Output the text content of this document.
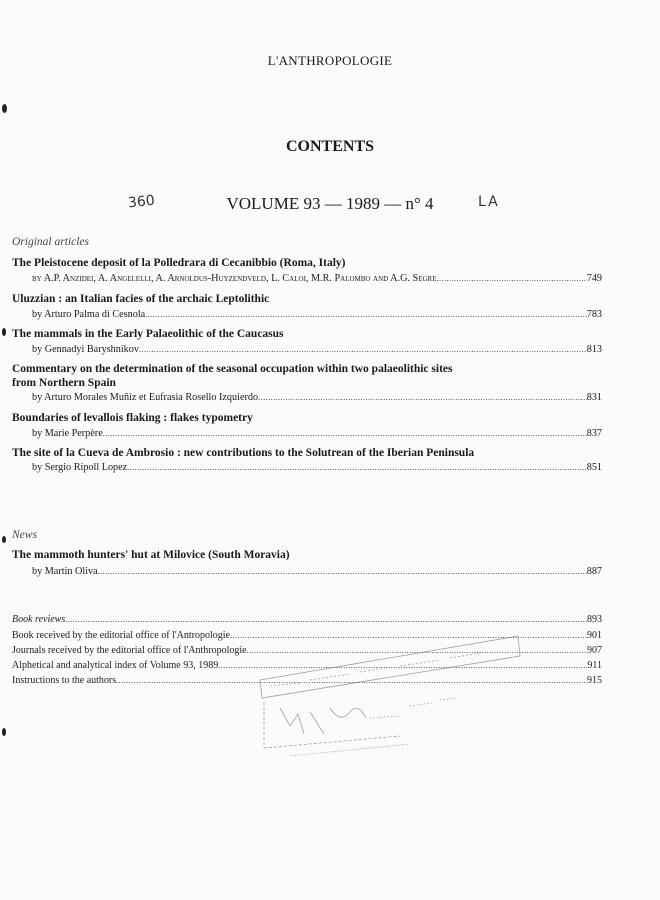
L'ANTHROPOLOGIE
CONTENTS
VOLUME 93 — 1989 — n° 4
360	LA
Original articles
The Pleistocene deposit of la Polledrara di Cecanibbio (Roma, Italy)
by A.P. Anzidei, A. Angelelli, A. Arnoldus-Huyzendveld, L. Caloi, M.R. Palombo and A.G. Segre .....	749
Uluzzian : an Italian facies of the archaic Leptolithic
by Arturo Palma di Cesnola .....	783
The mammals in the Early Palaeolithic of the Caucasus
by Gennadyi Baryshnikov .....	813
Commentary on the determination of the seasonal occupation within two palaeolithic sites
from Northern Spain
by Arturo Morales Muñiz et Eufrasia Rosello Izquierdo .....	831
Boundaries of levallois flaking : flakes typometry
by Marie Perpère .....	837
The site of la Cueva de Ambrosio : new contributions to the Solutrean of the Iberian Peninsula
by Sergio Ripoll Lopez .....	851
News
The mammoth hunters' hut at Milovice (South Moravia)
by Martin Oliva .....	887
Book reviews .....	893
Book received by the editorial office of l'Antropologie .....	901
Journals received by the editorial office of l'Anthropologie .....	907
Alphetical and analytical index of Volume 93, 1989 .....	911
Instructions to the authors .....	915
